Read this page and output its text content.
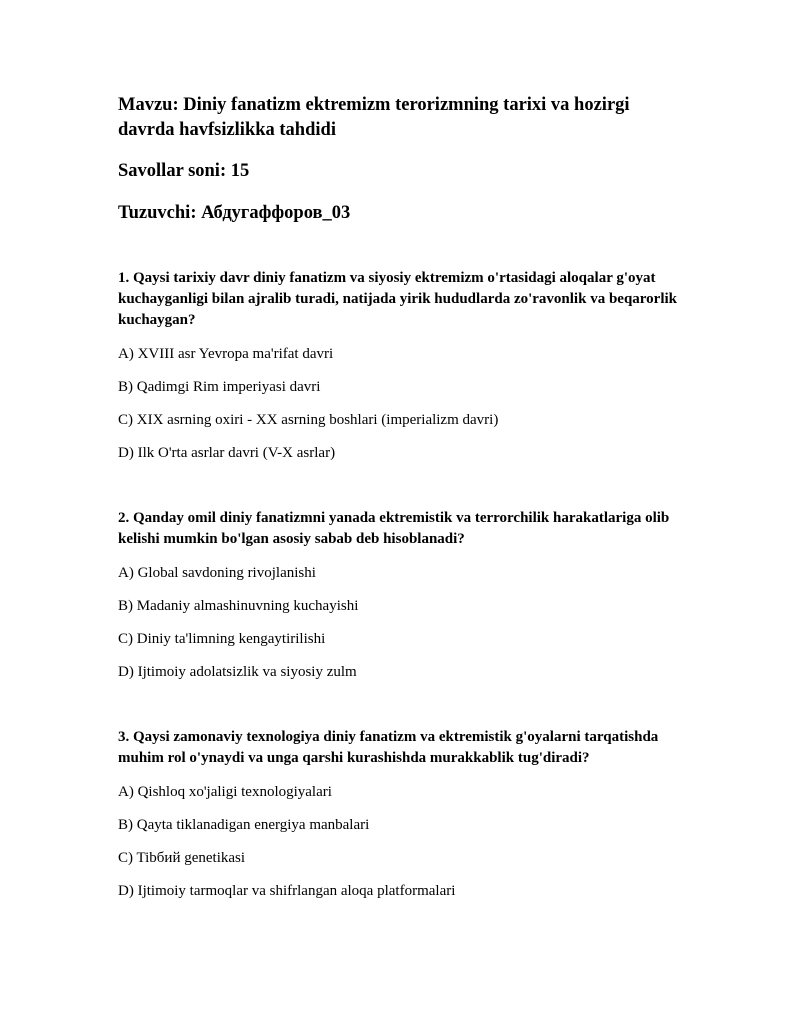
Mavzu: Diniy fanatizm ektremizm terorizmning tarixi va hozirgi davrda havfsizlikka tahdidi
Savollar soni: 15
Tuzuvchi: Абдугаффоров_03

1. Qaysi tarixiy davr diniy fanatizm va siyosiy ektremizm o'rtasidagi aloqalar g'oyat kuchayganligi bilan ajralib turadi, natijada yirik hududlarda zo'ravonlik va beqarorlik kuchaygan?

A) XVIII asr Yevropa ma'rifat davri

B) Qadimgi Rim imperiyasi davri

C) XIX asrning oxiri - XX asrning boshlari (imperializm davri)

D) Ilk O'rta asrlar davri (V-X asrlar)

2. Qanday omil diniy fanatizmni yanada ektremistik va terrorchilik harakatlariga olib kelishi mumkin bo'lgan asosiy sabab deb hisoblanadi?

A) Global savdoning rivojlanishi

B) Madaniy almashinuvning kuchayishi

C) Diniy ta'limning kengaytirilishi

D) Ijtimoiy adolatsizlik va siyosiy zulm

3. Qaysi zamonaviy texnologiya diniy fanatizm va ektremistik g'oyalarni tarqatishda muhim rol o'ynaydi va unga qarshi kurashishda murakkablik tug'diradi?

A) Qishloq xo'jaligi texnologiyalari

B) Qayta tiklanadigan energiya manbalari

C) Tibбий genetikasi

D) Ijtimoiy tarmoqlar va shifrlangan aloqa platformalari
